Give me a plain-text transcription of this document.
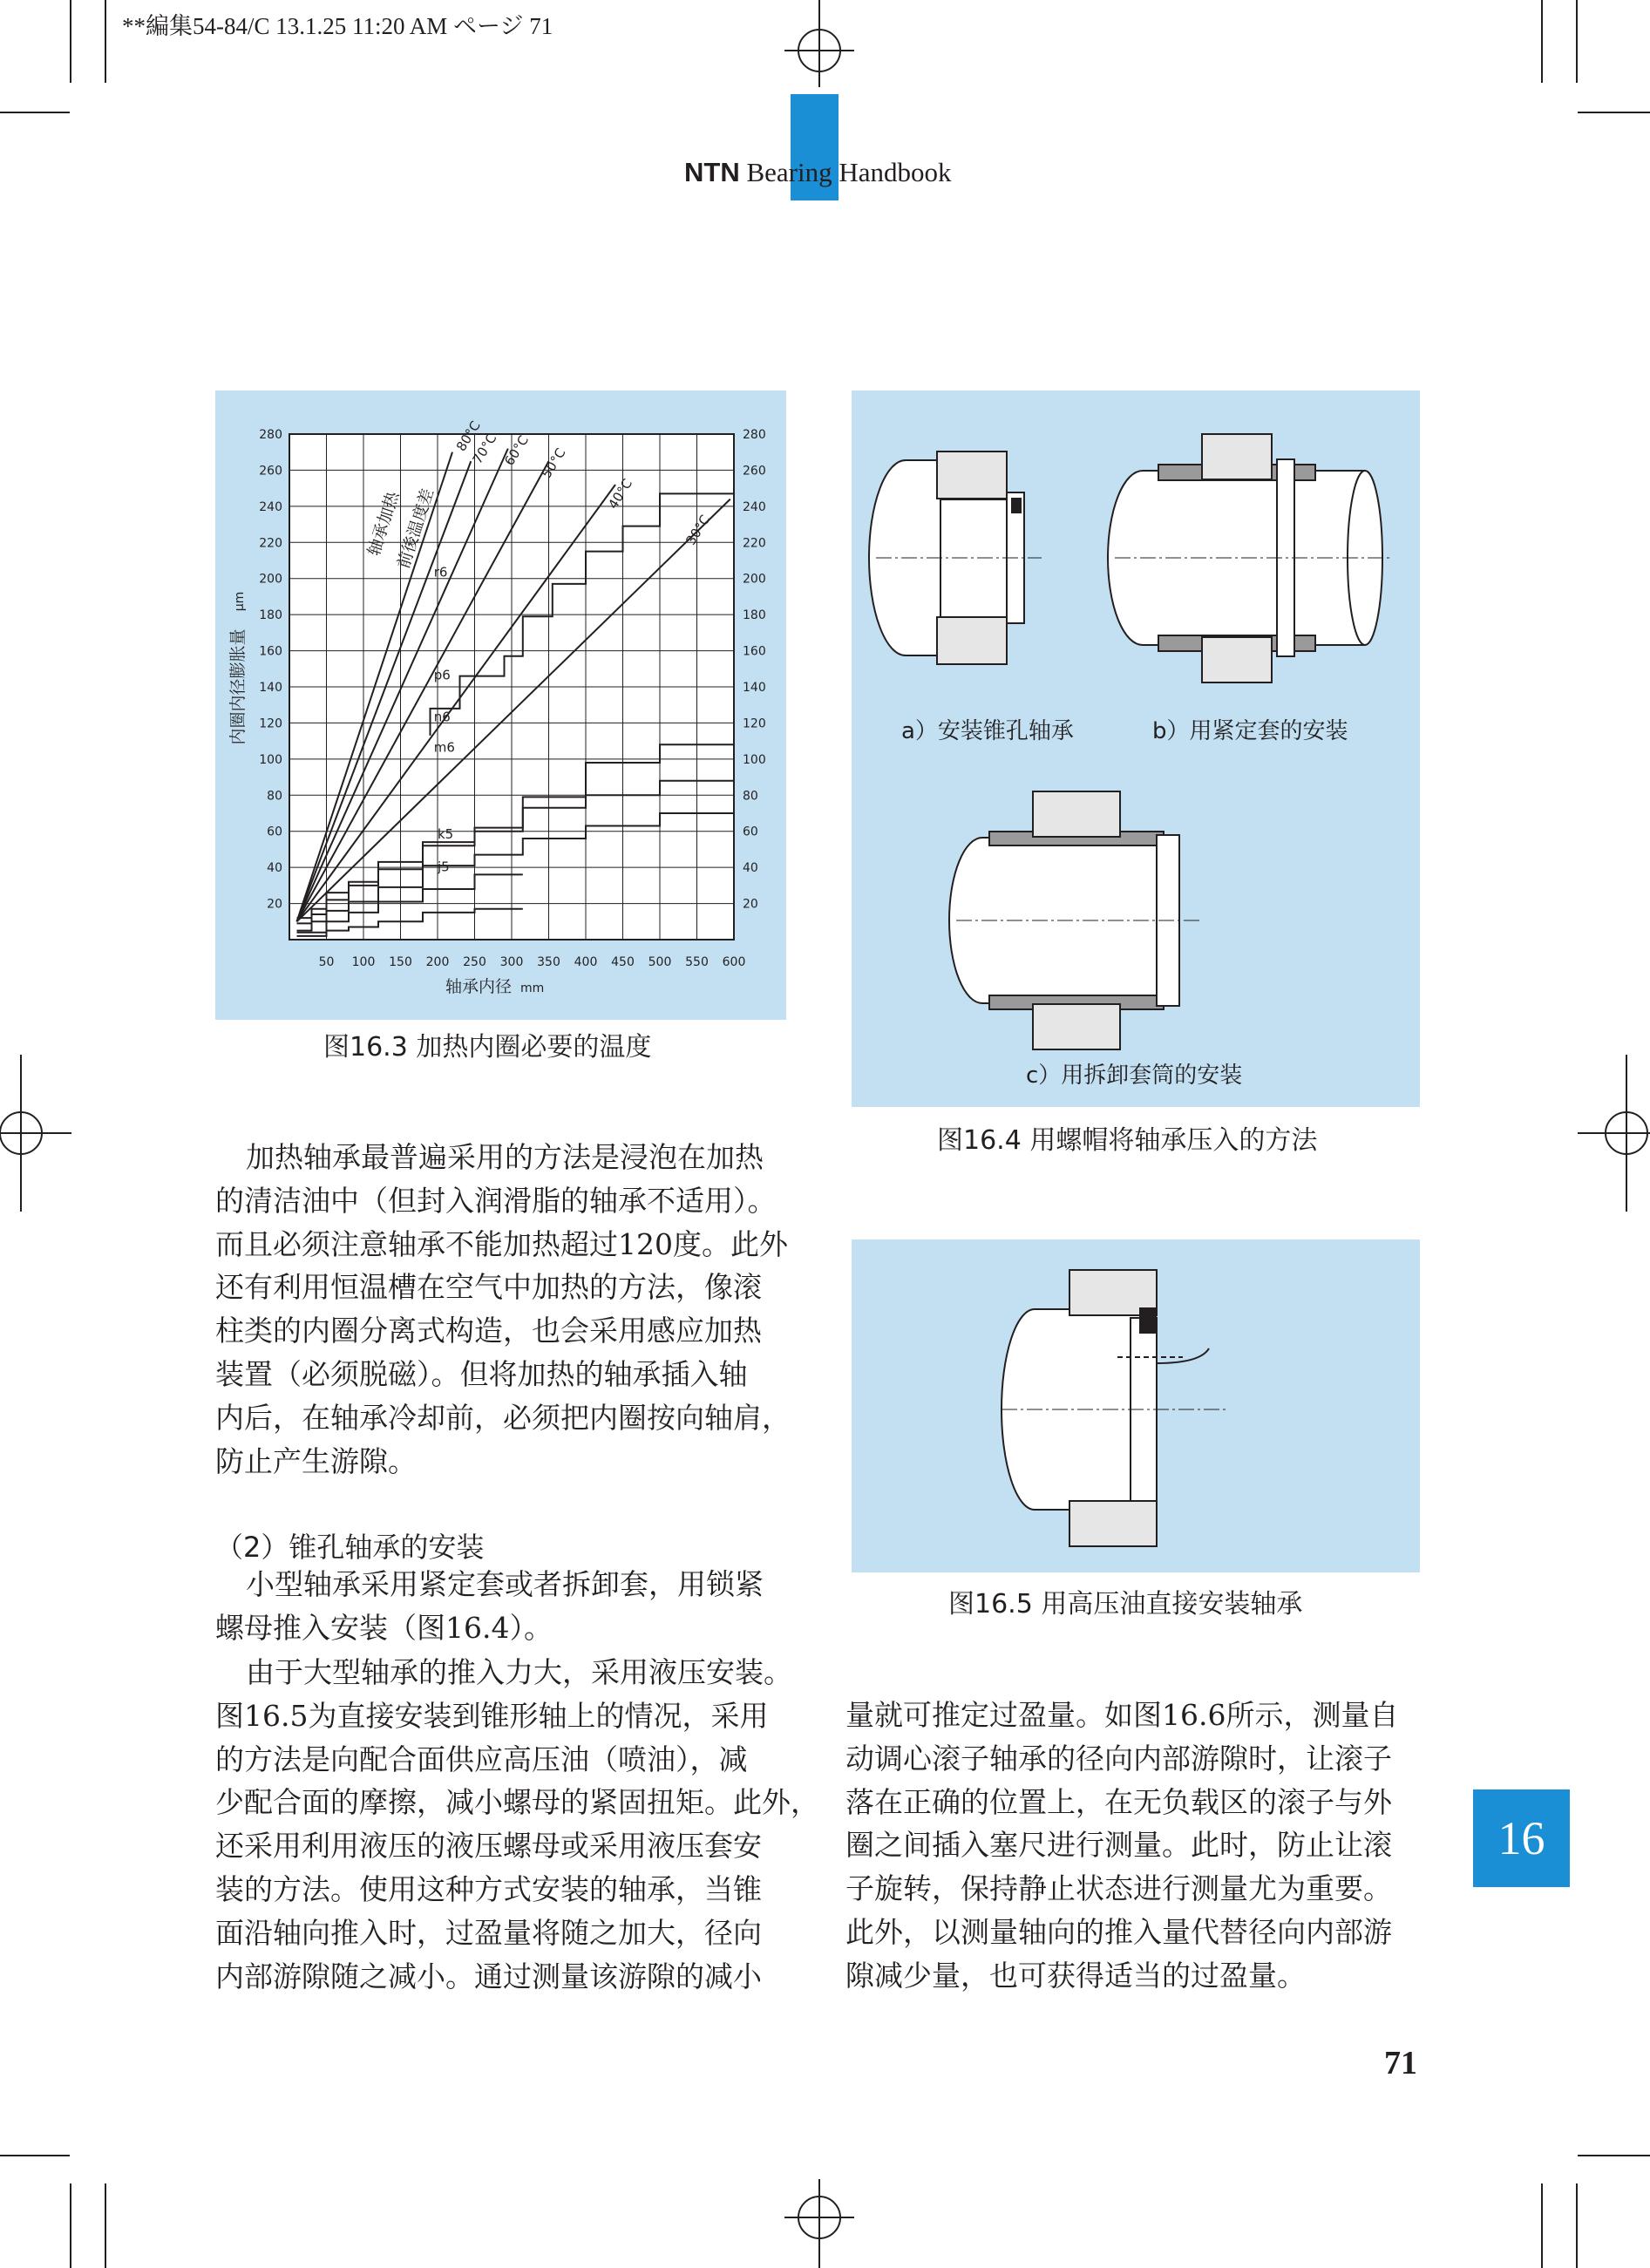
**編集54-84/C 13.1.25 11:20 AM ページ 71
NTN Bearing Handbook
50 100 150 200 250 300 350 400 450 500 550 600
20	20
40	40
60	60
80	80
100	100
120	120
140	140
160	160
180	180
200	200
220	220
240	240
260	260
280	280
80°C
70°C 60°C 50°C
40°C
30°C
r6
p6
n6
m6
k5
j5
轴承加热
前後温度差
内圈内径膨胀量
μm
轴承内径 mm
图16.3 加热内圈必要的温度
a）安装锥孔轴承	b）用紧定套的安装
c）用拆卸套筒的安装
图16.4 用螺帽将轴承压入的方法
图16.5 用高压油直接安装轴承
加热轴承最普遍采用的方法是浸泡在加热
的清洁油中（但封入润滑脂的轴承不适用）。
而且必须注意轴承不能加热超过120度。此外
还有利用恒温槽在空气中加热的方法，像滚
柱类的内圈分离式构造，也会采用感应加热
装置（必须脱磁）。但将加热的轴承插入轴
内后，在轴承冷却前，必须把内圈按向轴肩，
防止产生游隙。
（2）锥孔轴承的安装
小型轴承采用紧定套或者拆卸套，用锁紧
螺母推入安装（图16.4）。
由于大型轴承的推入力大，采用液压安装。
图16.5为直接安装到锥形轴上的情况，采用
的方法是向配合面供应高压油（喷油），减
少配合面的摩擦，减小螺母的紧固扭矩。此外，
还采用利用液压的液压螺母或采用液压套安
装的方法。使用这种方式安装的轴承，当锥
面沿轴向推入时，过盈量将随之加大，径向
内部游隙随之减小。通过测量该游隙的减小
量就可推定过盈量。如图16.6所示，测量自
动调心滚子轴承的径向内部游隙时，让滚子
落在正确的位置上，在无负载区的滚子与外
圈之间插入塞尺进行测量。此时，防止让滚
子旋转，保持静止状态进行测量尤为重要。
此外，以测量轴向的推入量代替径向内部游
隙减少量，也可获得适当的过盈量。
16
71
